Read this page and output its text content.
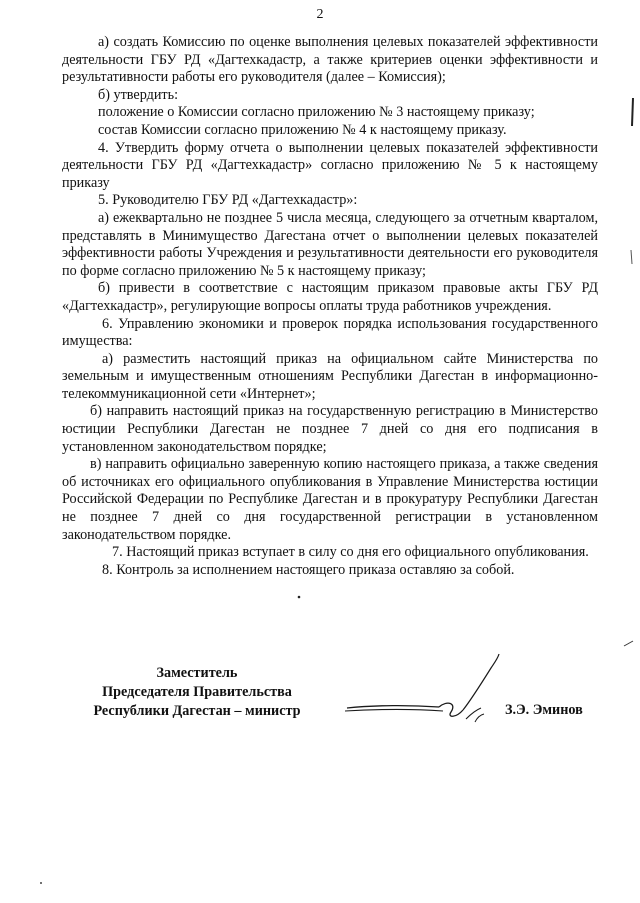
2

а) создать Комиссию по оценке выполнения целевых показателей эффективности деятельности ГБУ РД «Дагтехкадастр, а также критериев оценки эффективности и результативности работы его руководителя (далее – Комиссия);

б) утвердить:

положение о Комиссии согласно приложению № 3 настоящему приказу;

состав Комиссии согласно приложению № 4 к настоящему приказу.

4. Утвердить форму отчета о выполнении целевых показателей эффективности деятельности ГБУ РД «Дагтехкадастр» согласно приложению № 5 к настоящему приказу

5. Руководителю ГБУ РД «Дагтехкадастр»:

а) ежеквартально не позднее 5 числа месяца, следующего за отчетным кварталом, представлять в Минимущество Дагестана отчет о выполнении целевых показателей эффективности работы Учреждения и результативности деятельности его руководителя по форме согласно приложению № 5 к настоящему приказу;

б) привести в соответствие с настоящим приказом правовые акты ГБУ РД «Дагтехкадастр», регулирующие вопросы оплаты труда работников учреждения.

6. Управлению экономики и проверок порядка использования государственного имущества:

а) разместить настоящий приказ на официальном сайте Министерства по земельным и имущественным отношениям Республики Дагестан в информационно-телекоммуникационной сети «Интернет»;

б) направить настоящий приказ на государственную регистрацию в Министерство юстиции Республики Дагестан не позднее 7 дней со дня его подписания в установленном законодательством порядке;

в) направить официально заверенную копию настоящего приказа, а также сведения об источниках его официального опубликования в Управление Министерства юстиции Российской Федерации по Республике Дагестан и в прокуратуру Республики Дагестан не позднее 7 дней со дня государственной регистрации в установленном законодательством порядке.

7. Настоящий приказ вступает в силу со дня его официального опубликования.

8. Контроль за исполнением настоящего приказа оставляю за собой.

Заместитель
Председателя Правительства
Республики Дагестан – министр	З.Э. Эминов
